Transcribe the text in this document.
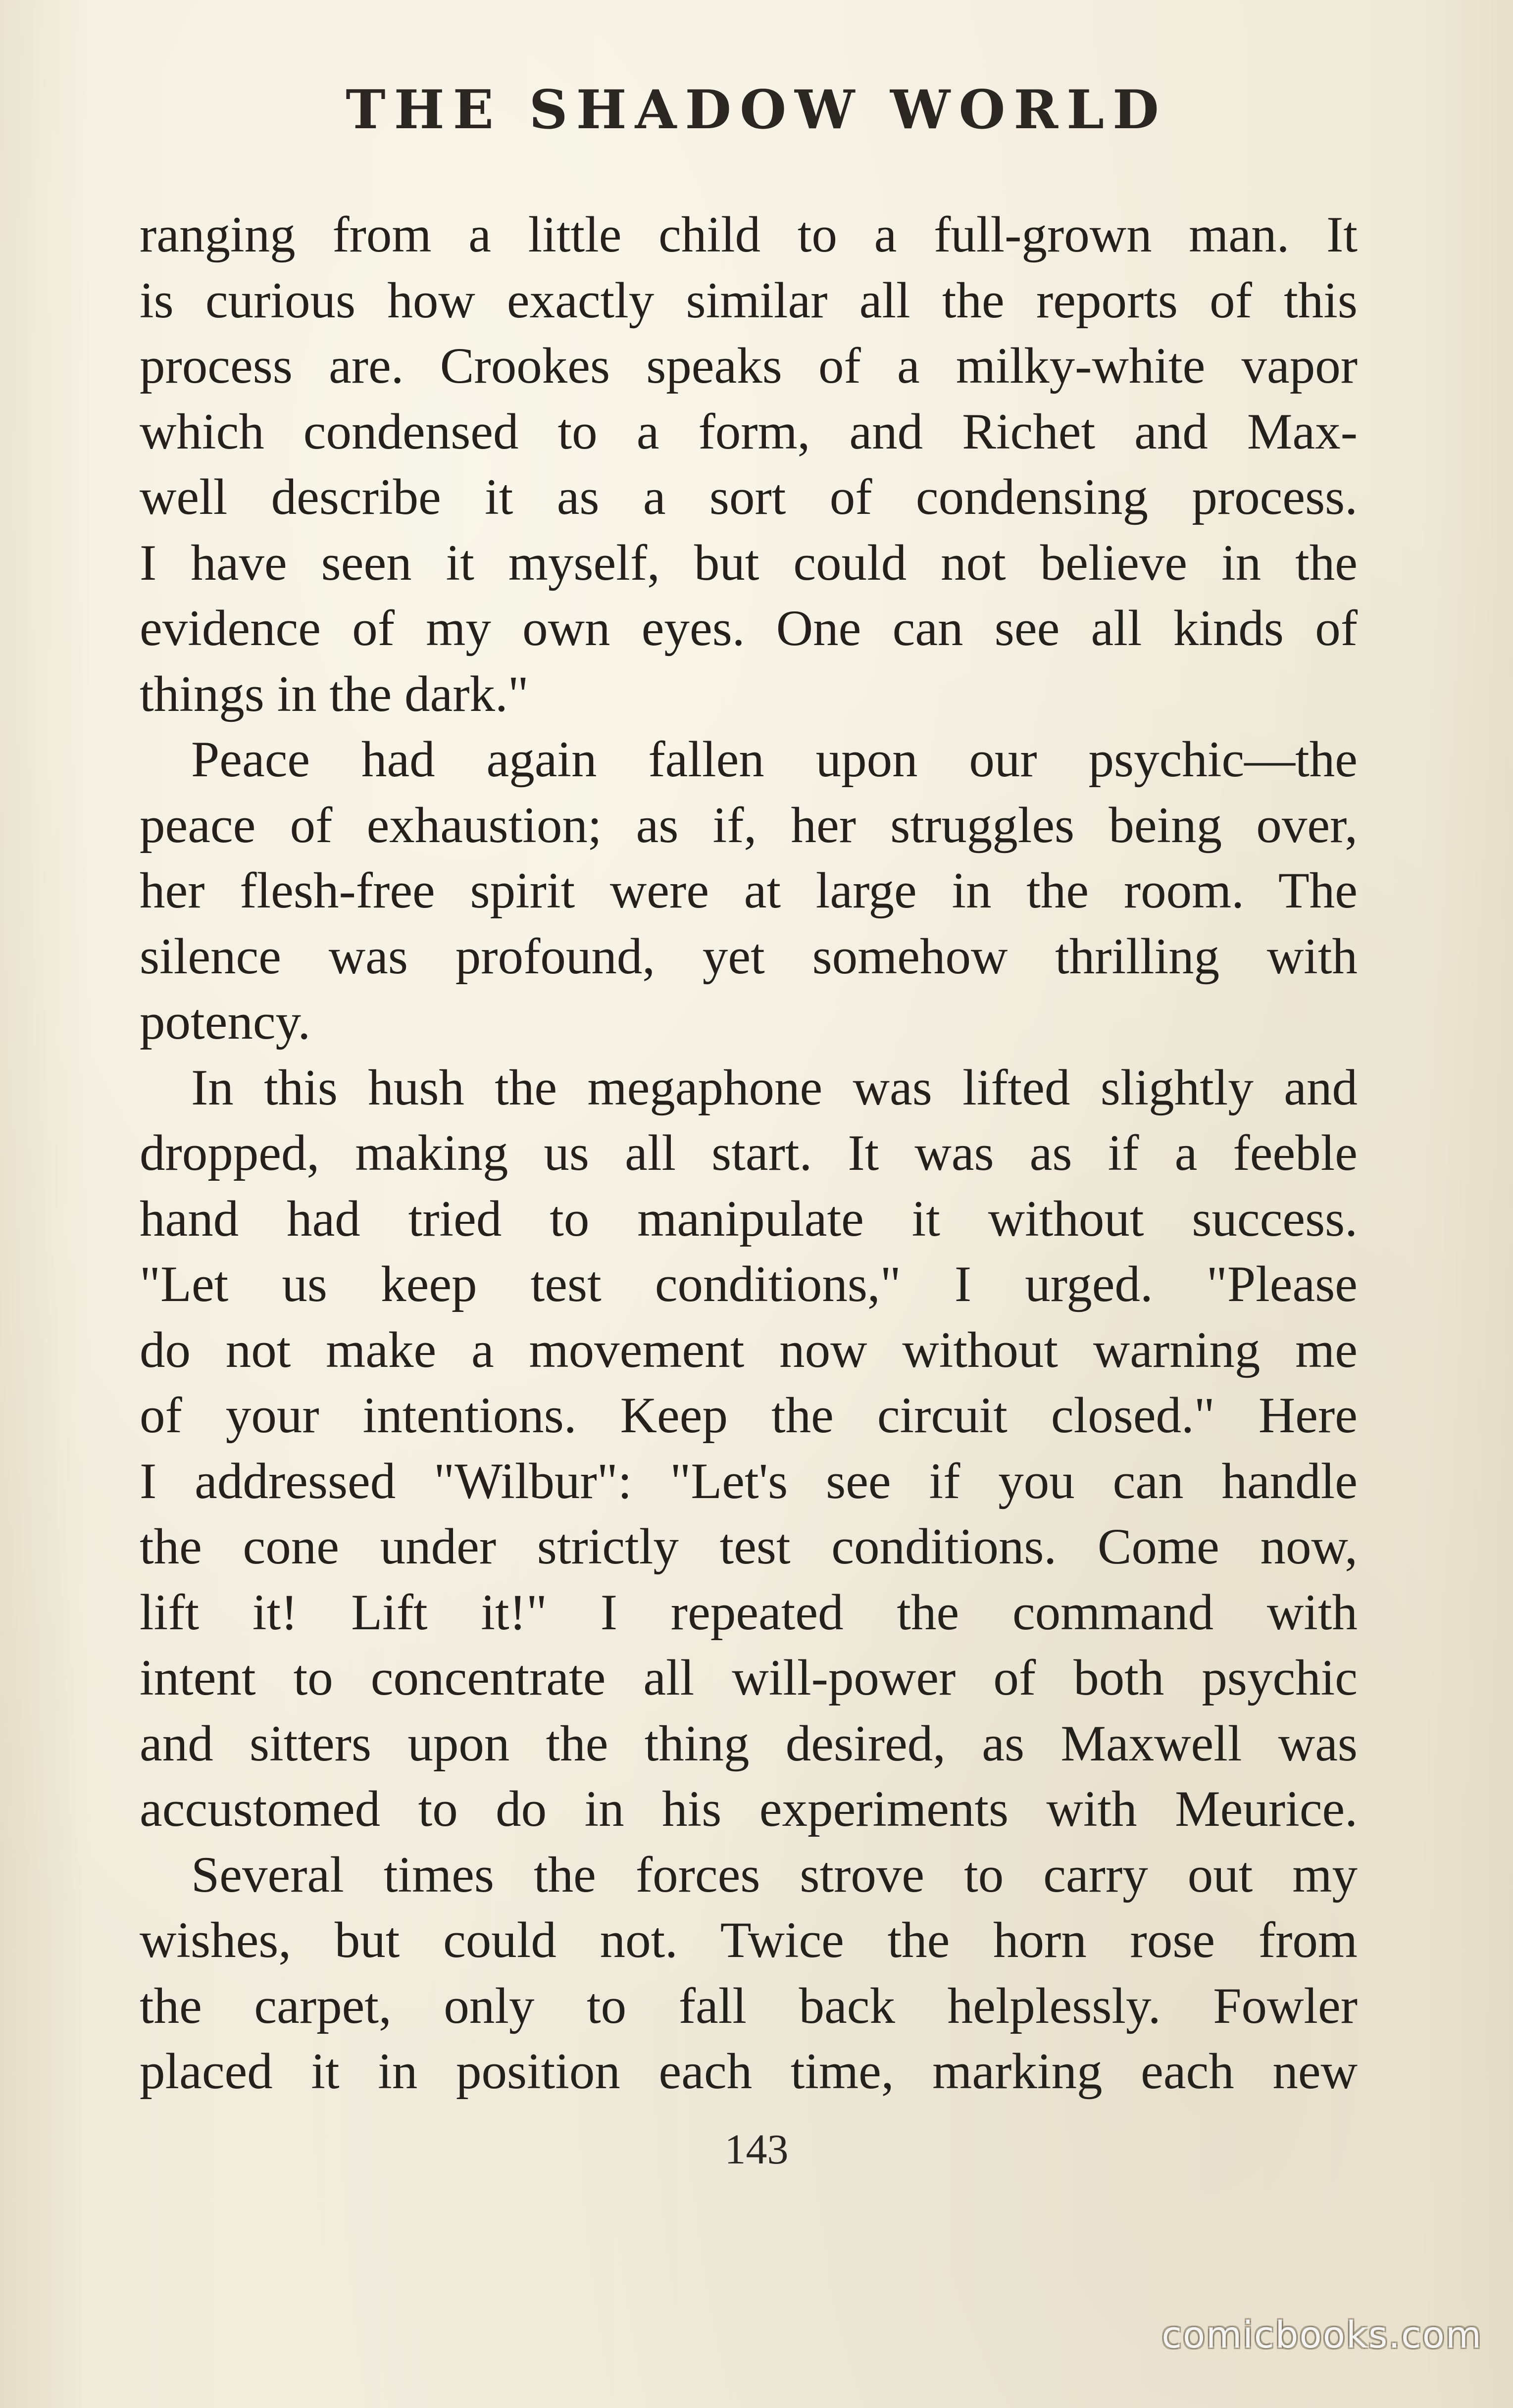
THE SHADOW WORLD
ranging from a little child to a full-grown man. It
is curious how exactly similar all the reports of this
process are. Crookes speaks of a milky-white vapor
which condensed to a form, and Richet and Max-
well describe it as a sort of condensing process.
I have seen it myself, but could not believe in the
evidence of my own eyes. One can see all kinds of
things in the dark."
Peace had again fallen upon our psychic—the
peace of exhaustion; as if, her struggles being over,
her flesh-free spirit were at large in the room. The
silence was profound, yet somehow thrilling with
potency.
In this hush the megaphone was lifted slightly and
dropped, making us all start. It was as if a feeble
hand had tried to manipulate it without success.
"Let us keep test conditions," I urged. "Please
do not make a movement now without warning me
of your intentions. Keep the circuit closed." Here
I addressed "Wilbur": "Let's see if you can handle
the cone under strictly test conditions. Come now,
lift it! Lift it!" I repeated the command with
intent to concentrate all will-power of both psychic
and sitters upon the thing desired, as Maxwell was
accustomed to do in his experiments with Meurice.
Several times the forces strove to carry out my
wishes, but could not. Twice the horn rose from
the carpet, only to fall back helplessly. Fowler
placed it in position each time, marking each new
143
comicbooks.com
